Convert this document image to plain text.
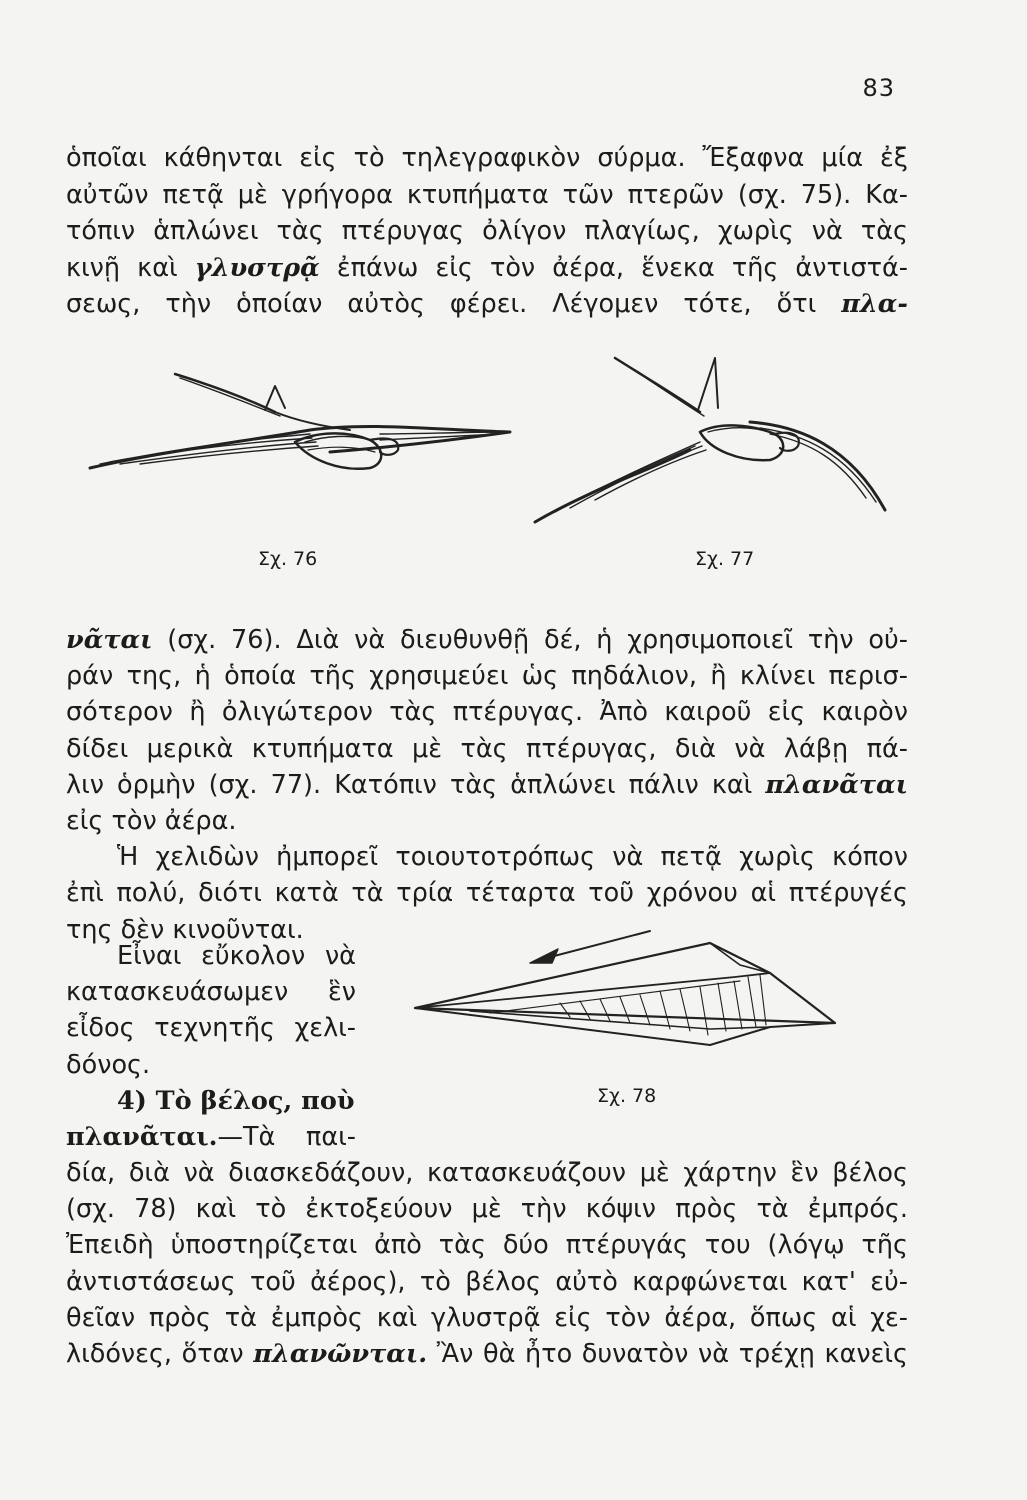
83
ὁποῖαι κάθηνται εἰς τὸ τηλεγραφικὸν σύρμα. Ἔξαφνα μία ἐξ
αὐτῶν πετᾷ μὲ γρήγορα κτυπήματα τῶν πτερῶν (σχ. 75). Κα-
τόπιν ἁπλώνει τὰς πτέρυγας ὀλίγον πλαγίως, χωρὶς νὰ τὰς
κινῇ καὶ γλυστρᾷ ἐπάνω εἰς τὸν ἀέρα, ἕνεκα τῆς ἀντιστά-
σεως, τὴν ὁποίαν αὐτὸς φέρει. Λέγομεν τότε, ὅτι πλα-
Σχ. 76	Σχ. 77
νᾶται (σχ. 76). Διὰ νὰ διευθυνθῇ δέ, ἡ χρησιμοποιεῖ τὴν οὐ-
ράν της, ἡ ὁποία τῆς χρησιμεύει ὡς πηδάλιον, ἢ κλίνει περισ-
σότερον ἢ ὀλιγώτερον τὰς πτέρυγας. Ἀπὸ καιροῦ εἰς καιρὸν
δίδει μερικὰ κτυπήματα μὲ τὰς πτέρυγας, διὰ νὰ λάβῃ πά-
λιν ὁρμὴν (σχ. 77). Κατόπιν τὰς ἁπλώνει πάλιν καὶ πλανᾶται
εἰς τὸν ἀέρα.
  Ἡ χελιδὼν ἠμπορεῖ τοιουτοτρόπως νὰ πετᾷ χωρὶς κόπον
ἐπὶ πολύ, διότι κατὰ τὰ τρία τέταρτα τοῦ χρόνου αἱ πτέρυγές
της δὲν κινοῦνται.
Σχ. 78
  Εἶναι εὔκολον νὰ
κατασκευάσωμεν ἓν
εἶδος τεχνητῆς χελι-
δόνος.
  4) Τὸ βέλος, ποὺ
πλανᾶται.—Τὰ παι-
δία, διὰ νὰ διασκεδάζουν, κατασκευάζουν μὲ χάρτην ἓν βέλος
(σχ. 78) καὶ τὸ ἐκτοξεύουν μὲ τὴν κόψιν πρὸς τὰ ἐμπρός.
Ἐπειδὴ ὑποστηρίζεται ἀπὸ τὰς δύο πτέρυγάς του (λόγῳ τῆς
ἀντιστάσεως τοῦ ἀέρος), τὸ βέλος αὐτὸ καρφώνεται κατ' εὐ-
θεῖαν πρὸς τὰ ἐμπρὸς καὶ γλυστρᾷ εἰς τὸν ἀέρα, ὅπως αἱ χε-
λιδόνες, ὅταν πλανῶνται. Ἂν θὰ ἦτο δυνατὸν νὰ τρέχῃ κανεὶς
